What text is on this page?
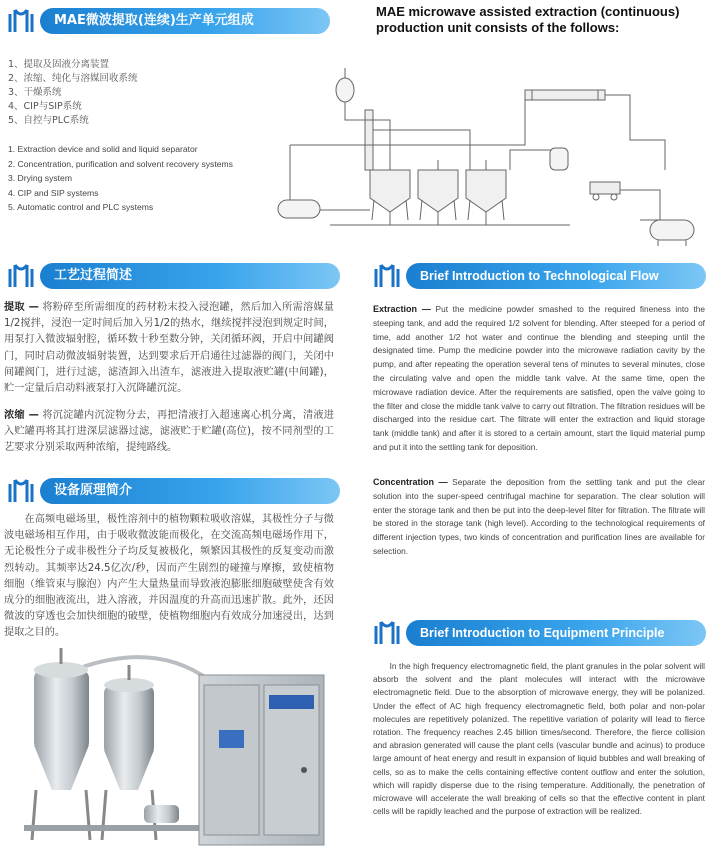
MAE微波提取(连续)生产单元组成
MAE microwave assisted extraction (continuous) production unit consists of the follows:
1、提取及固液分离装置
2、浓缩、纯化与溶媒回收系统
3、干燥系统
4、CIP与SIP系统
5、自控与PLC系统
1. Extraction device and solid and liquid separator
2. Concentration, purification and solvent recovery systems
3. Drying system
4. CIP and SIP systems
5. Automatic control and PLC systems
工艺过程简述
提取 — 将粉碎至所需细度的药材粉末投入浸泡罐，然后加入所需溶媒量1/2搅拌，浸泡一定时间后加入另1/2的热水，继续搅拌浸泡到规定时间，用泵打入微波辐射腔，循环数十秒至数分钟，关闭循环阀，开启中间罐阀门，同时启动微波辐射装置，达到要求后开启通往过滤器的阀门，关闭中间罐阀门，进行过滤，滤渣卸入出渣车，滤液进入提取液贮罐(中间罐)，贮一定量后启动料液泵打入沉降罐沉淀。
浓缩 — 将沉淀罐内沉淀物分去，再把清液打入超速离心机分离，清液进入贮罐再将其打进深层滤器过滤，滤液贮于贮罐(高位)，按不同剂型的工艺要求分别采取两种浓缩，提纯路线。
设备原理简介
在高频电磁场里，极性溶剂中的植物颗粒吸收溶媒，其极性分子与微波电磁场相互作用，由于吸收微波能而极化，在交流高频电磁场作用下，无论极性分子或非极性分子均反复被极化，频繁因其极性的反复变动而激烈转动。其频率达24.5亿次/秒，因而产生剧烈的碰撞与摩擦，致使植物细胞（维管束与腺泡）内产生大量热量而导致液泡膨胀细胞破壁使含有效成分的细胞液流出，进入溶液，并因温度的升高而迅速扩散。此外，还因微波的穿透也会加快细胞的破壁，使植物细胞内有效成分加速浸出，达到提取之目的。
Brief Introduction to Technological Flow
Extraction — Put the medicine powder smashed to the required fineness into the steeping tank, and add the required 1/2 solvent for blending. After steeped for a period of time, add another 1/2 hot water and continue the blending and steeping until the designated time. Pump the medicine powder into the microwave radiation cavity by the pump, and after repeating the operation several tens of minutes to several minutes, close the circulating valve and open the middle tank valve. At the same time, open the microwave radiation device. After the requirements are satisfied, open the valve going to the filter and close the middle tank valve to carry out filtration. The filtration residues will be discharged into the residue cart. The filtrate will enter the extraction and liquid storage tank (middle tank) and after it is stored to a certain amount, start the liquid material pump and put it into the settling tank for deposition.
Concentration — Separate the deposition from the settling tank and put the clear solution into the super-speed centrifugal machine for separation. The clear solution will enter the storage tank and then be put into the deep-level filter for filtration. The filtrate will be stored in the storage tank (high level). According to the technological requirements of different injection types, two kinds of concentration and purification lines are available for selection.
Brief Introduction to Equipment Principle
In the high frequency electromagnetic field, the plant granules in the polar solvent will absorb the solvent and the plant molecules will interact with the microwave electromagnetic field. Due to the absorption of microwave energy, they will be polanized. Under the effect of AC high frequency electromagnetic field, both polar and non-polar molecules are repetitively polanized. The repetitive variation of polarity will lead to fierce rotation. The frequency reaches 2.45 billion times/second. Therefore, the fierce collision and abrasion generated will cause the plant cells (vascular bundle and acinus) to produce large amount of heat energy and result in expansion of liquid bubbles and wall breaking of cells, so as to make the cells containing effective content outflow and enter the solution, which will rapidly disperse due to the rising temperature. Additionally, the penetration of microwave will accelerate the wall breaking of cells so that the effective content in plant cells will be rapidly leached and the purpose of extraction will be realized.
